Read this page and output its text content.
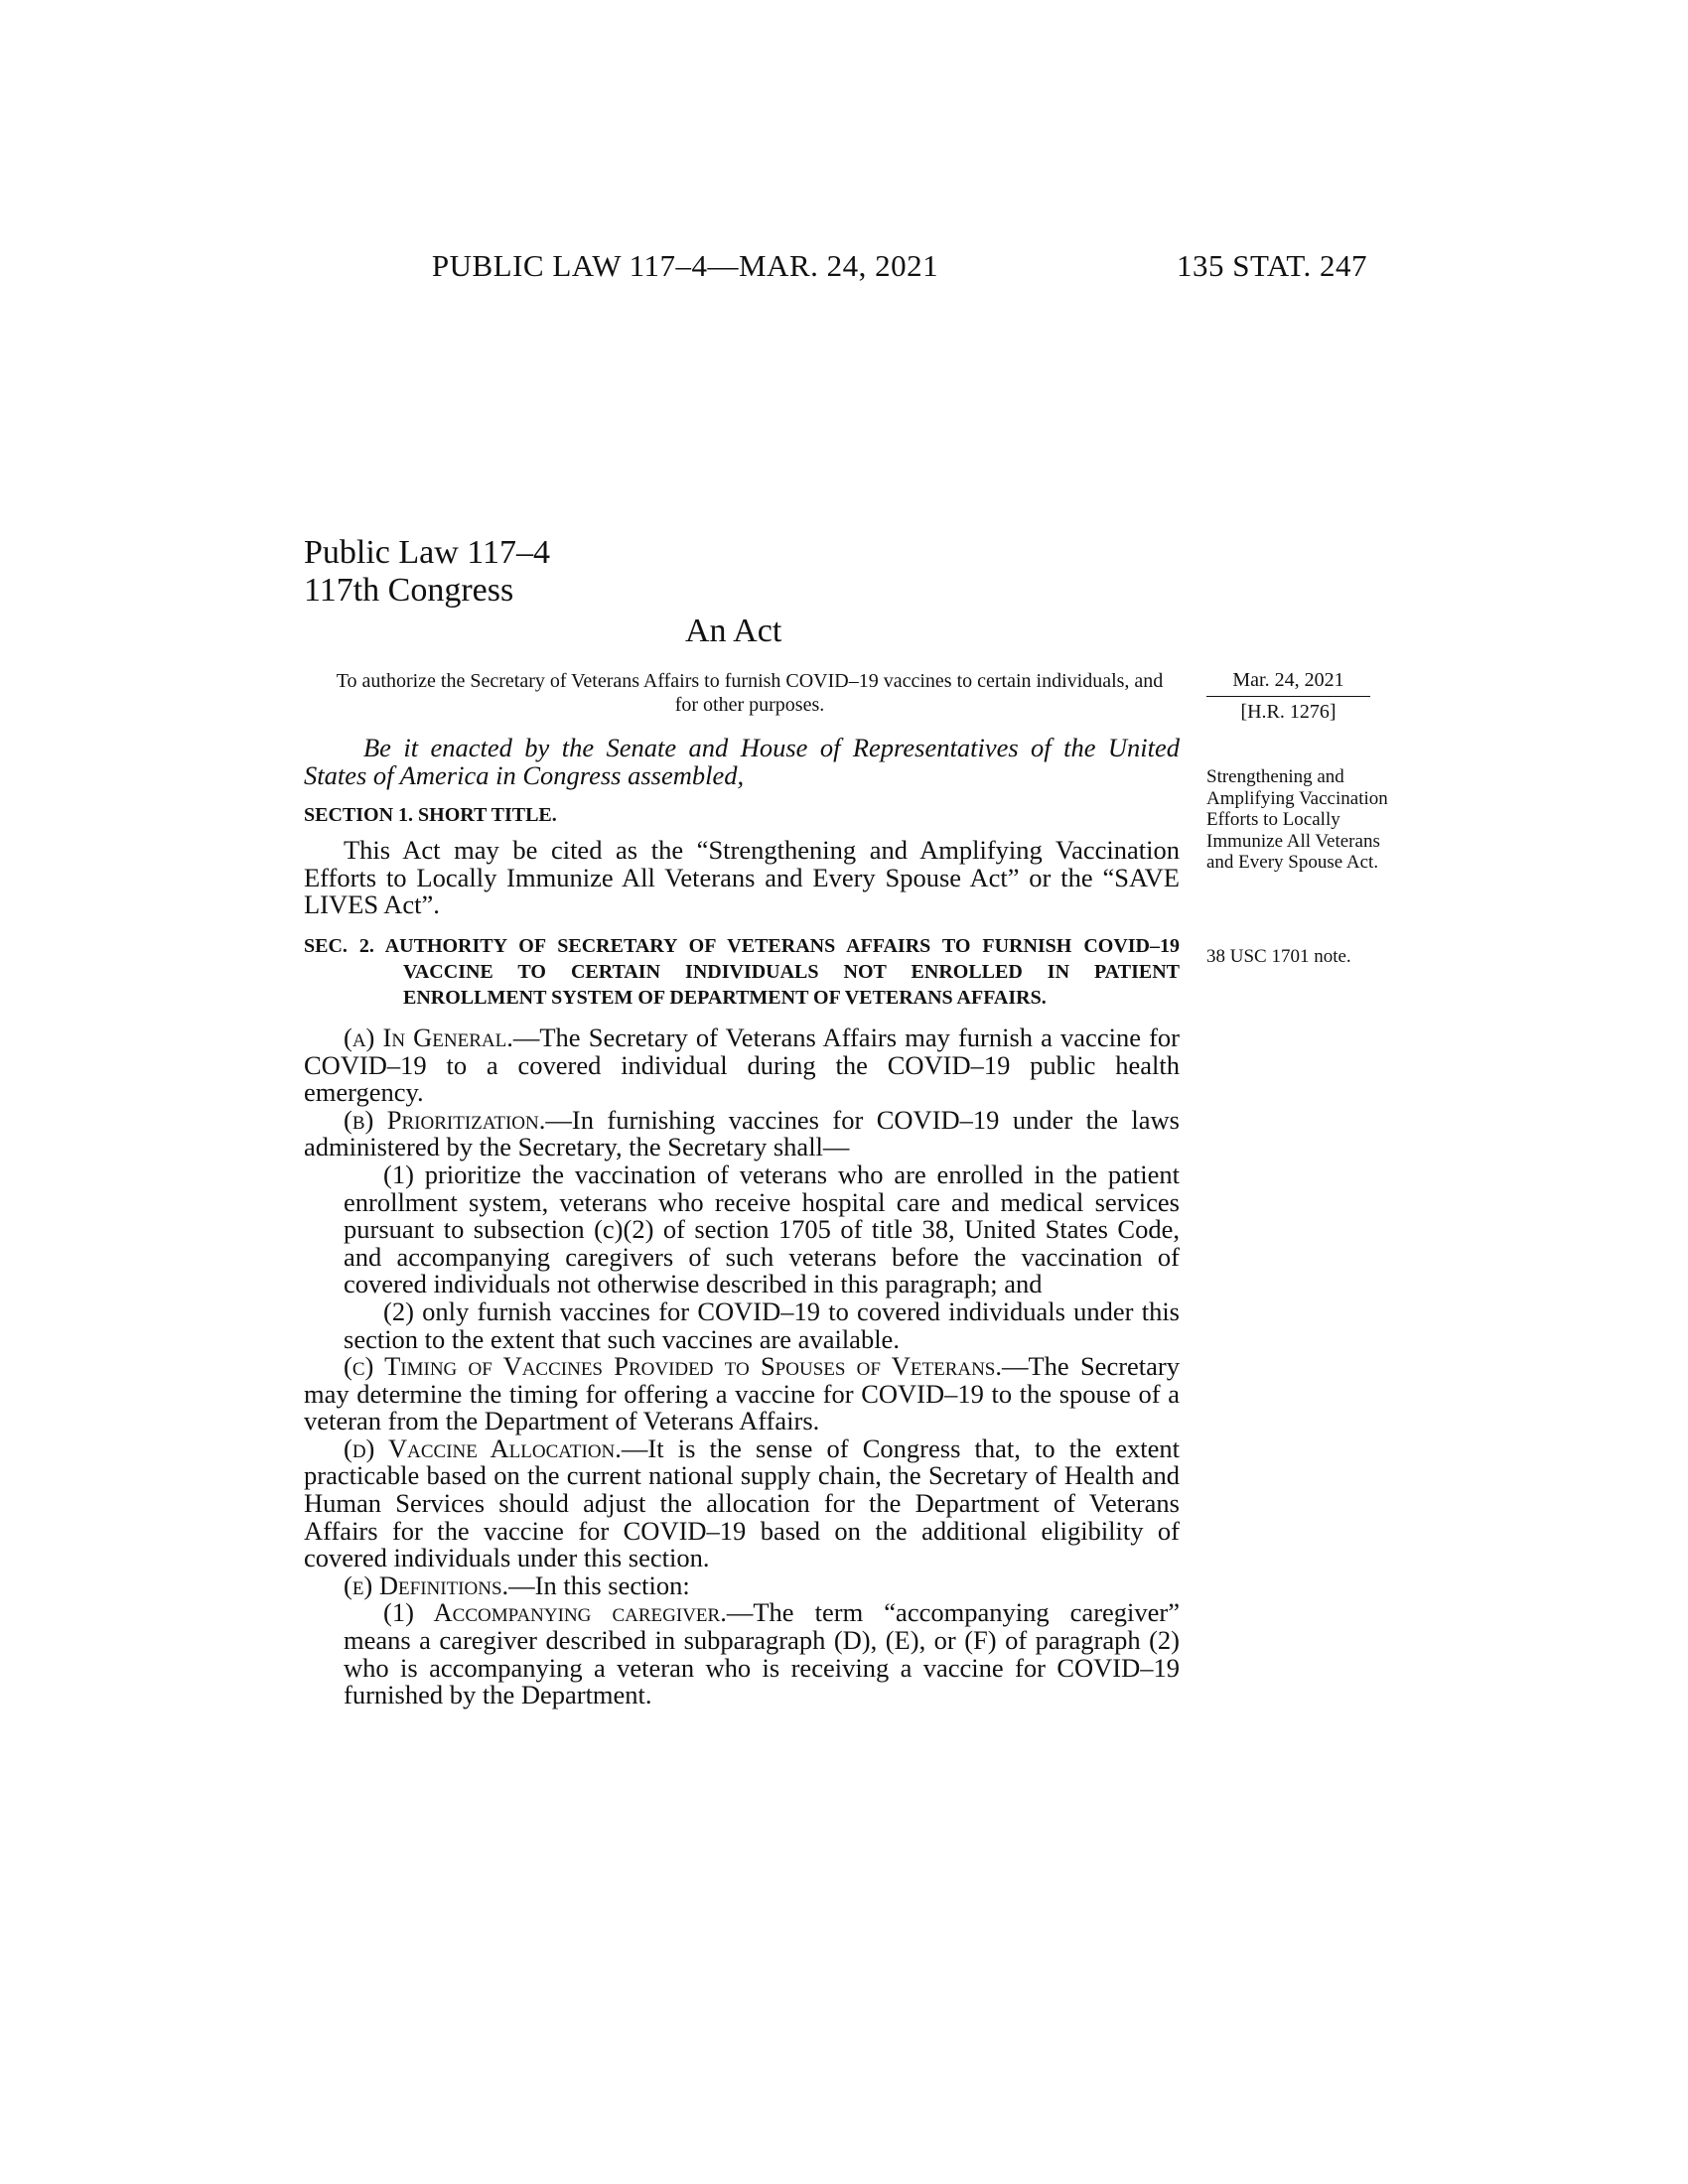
PUBLIC LAW 117–4—MAR. 24, 2021	135 STAT. 247
Public Law 117–4
117th Congress
An Act
To authorize the Secretary of Veterans Affairs to furnish COVID–19 vaccines to certain individuals, and for other purposes.
Mar. 24, 2021
[H.R. 1276]
Strengthening and Amplifying Vaccination Efforts to Locally Immunize All Veterans and Every Spouse Act.
38 USC 1701 note.

Be it enacted by the Senate and House of Representatives of the United States of America in Congress assembled,

SECTION 1. SHORT TITLE.

This Act may be cited as the “Strengthening and Amplifying Vaccination Efforts to Locally Immunize All Veterans and Every Spouse Act” or the “SAVE LIVES Act”.

SEC. 2. AUTHORITY OF SECRETARY OF VETERANS AFFAIRS TO FURNISH COVID–19 VACCINE TO CERTAIN INDIVIDUALS NOT ENROLLED IN PATIENT ENROLLMENT SYSTEM OF DEPARTMENT OF VETERANS AFFAIRS.

(a) In General.—The Secretary of Veterans Affairs may furnish a vaccine for COVID–19 to a covered individual during the COVID–19 public health emergency.

(b) Prioritization.—In furnishing vaccines for COVID–19 under the laws administered by the Secretary, the Secretary shall—

(1) prioritize the vaccination of veterans who are enrolled in the patient enrollment system, veterans who receive hospital care and medical services pursuant to subsection (c)(2) of section 1705 of title 38, United States Code, and accompanying caregivers of such veterans before the vaccination of covered individuals not otherwise described in this paragraph; and

(2) only furnish vaccines for COVID–19 to covered individuals under this section to the extent that such vaccines are available.

(c) Timing of Vaccines Provided to Spouses of Veterans.—The Secretary may determine the timing for offering a vaccine for COVID–19 to the spouse of a veteran from the Department of Veterans Affairs.

(d) Vaccine Allocation.—It is the sense of Congress that, to the extent practicable based on the current national supply chain, the Secretary of Health and Human Services should adjust the allocation for the Department of Veterans Affairs for the vaccine for COVID–19 based on the additional eligibility of covered individuals under this section.

(e) Definitions.—In this section:

(1) Accompanying caregiver.—The term “accompanying caregiver” means a caregiver described in subparagraph (D), (E), or (F) of paragraph (2) who is accompanying a veteran who is receiving a vaccine for COVID–19 furnished by the Department.
